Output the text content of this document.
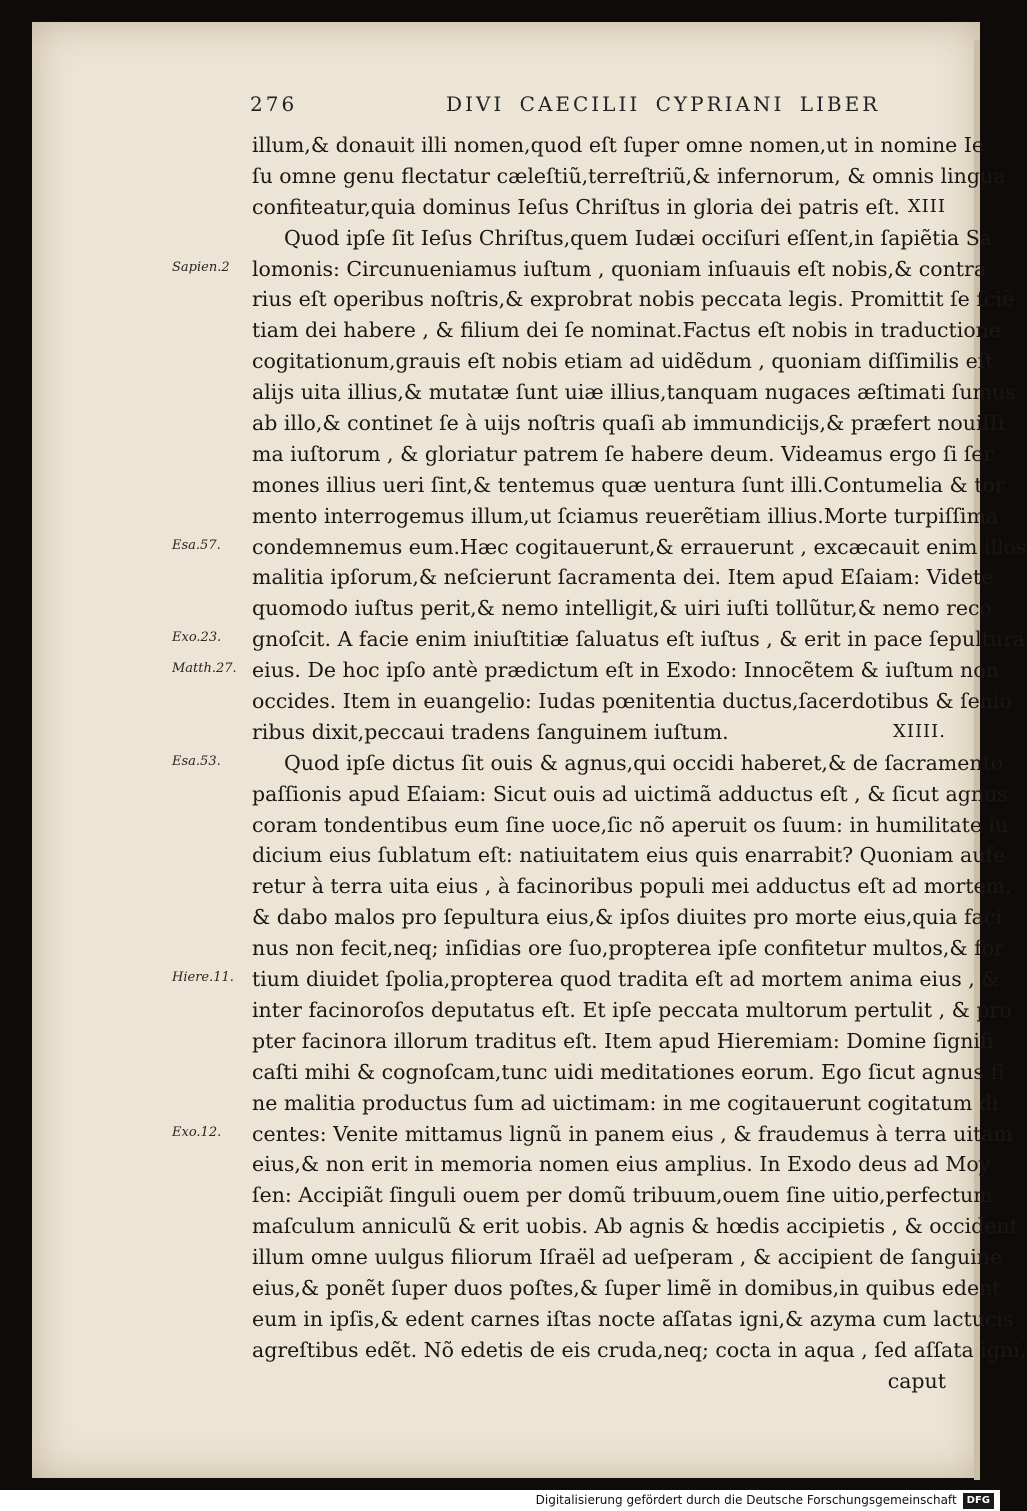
276	DIVI CAECILII CYPRIANI LIBER
illum,& donauit illi nomen,quod eſt ſuper omne nomen,ut in nomine Ie
ſu omne genu flectatur cæleſtiũ,terreſtriũ,& infernorum, & omnis lingua
confiteatur,quia dominus Ieſus Chriſtus in gloria dei patris eſt. XIII
Quod ipſe ſit Ieſus Chriſtus,quem Iudæi occiſuri eſſent,in ſapiẽtia Sa
lomonis: Circunueniamus iuſtum , quoniam inſuauis eſt nobis,& contra
rius eſt operibus noſtris,& exprobrat nobis peccata legis. Promittit ſe ſciẽ
tiam dei habere , & filium dei ſe nominat.Factus eſt nobis in traductione
cogitationum,grauis eſt nobis etiam ad uidẽdum , quoniam diſſimilis eſt
alijs uita illius,& mutatæ ſunt uiæ illius,tanquam nugaces æſtimati ſumus
ab illo,& continet ſe à uijs noſtris quaſi ab immundicijs,& præfert nouiſſi
ma iuſtorum , & gloriatur patrem ſe habere deum. Videamus ergo ſi ſer
mones illius ueri ſint,& tentemus quæ uentura ſunt illi.Contumelia & tor
mento interrogemus illum,ut ſciamus reuerẽtiam illius.Morte turpiſſima
condemnemus eum.Hæc cogitauerunt,& errauerunt , excæcauit enim illos
malitia ipſorum,& neſcierunt ſacramenta dei. Item apud Eſaiam: Videte
quomodo iuſtus perit,& nemo intelligit,& uiri iuſti tollũtur,& nemo reco
gnoſcit. A facie enim iniuſtitiæ ſaluatus eſt iuſtus , & erit in pace ſepultura
eius. De hoc ipſo antè prædictum eſt in Exodo: Innocẽtem & iuſtum non
occides. Item in euangelio: Iudas pœnitentia ductus,ſacerdotibus & ſenio
ribus dixit,peccaui tradens ſanguinem iuſtum.	XIIII.
Quod ipſe dictus ſit ouis & agnus,qui occidi haberet,& de ſacramento
paſſionis apud Eſaiam: Sicut ouis ad uictimã adductus eſt , & ſicut agnus
coram tondentibus eum ſine uoce,ſic nõ aperuit os ſuum: in humilitate iu
dicium eius ſublatum eſt: natiuitatem eius quis enarrabit? Quoniam aufe
retur à terra uita eius , à facinoribus populi mei adductus eſt ad mortem,
& dabo malos pro ſepultura eius,& ipſos diuites pro morte eius,quia faci
nus non fecit,neq; inſidias ore ſuo,propterea ipſe confitetur multos,& for
tium diuidet ſpolia,propterea quod tradita eſt ad mortem anima eius , &
inter facinoroſos deputatus eſt. Et ipſe peccata multorum pertulit , & pro
pter facinora illorum traditus eſt. Item apud Hieremiam: Domine ſignifi
caſti mihi & cognoſcam,tunc uidi meditationes eorum. Ego ſicut agnus ſi
ne malitia productus ſum ad uictimam: in me cogitauerunt cogitatum di
centes: Venite mittamus lignũ in panem eius , & fraudemus à terra uitam
eius,& non erit in memoria nomen eius amplius. In Exodo deus ad Moy
ſen: Accipiãt ſinguli ouem per domũ tribuum,ouem ſine uitio,perfectum
maſculum anniculũ & erit uobis. Ab agnis & hœdis accipietis , & occident
illum omne uulgus filiorum Iſraël ad ueſperam , & accipient de ſanguine
eius,& ponẽt ſuper duos poſtes,& ſuper limẽ in domibus,in quibus edent
eum in ipſis,& edent carnes iſtas nocte aſſatas igni,& azyma cum lactucis
agreſtibus edẽt. Nõ edetis de eis cruda,neq; cocta in aqua , ſed aſſata igni,
caput
Sapien.2
Esa.57.
Exo.23.
Matth.27.
Esa.53.
Hiere.11.
Exo.12.
Digitalisierung gefördert durch die Deutsche Forschungsgemeinschaft DFG
